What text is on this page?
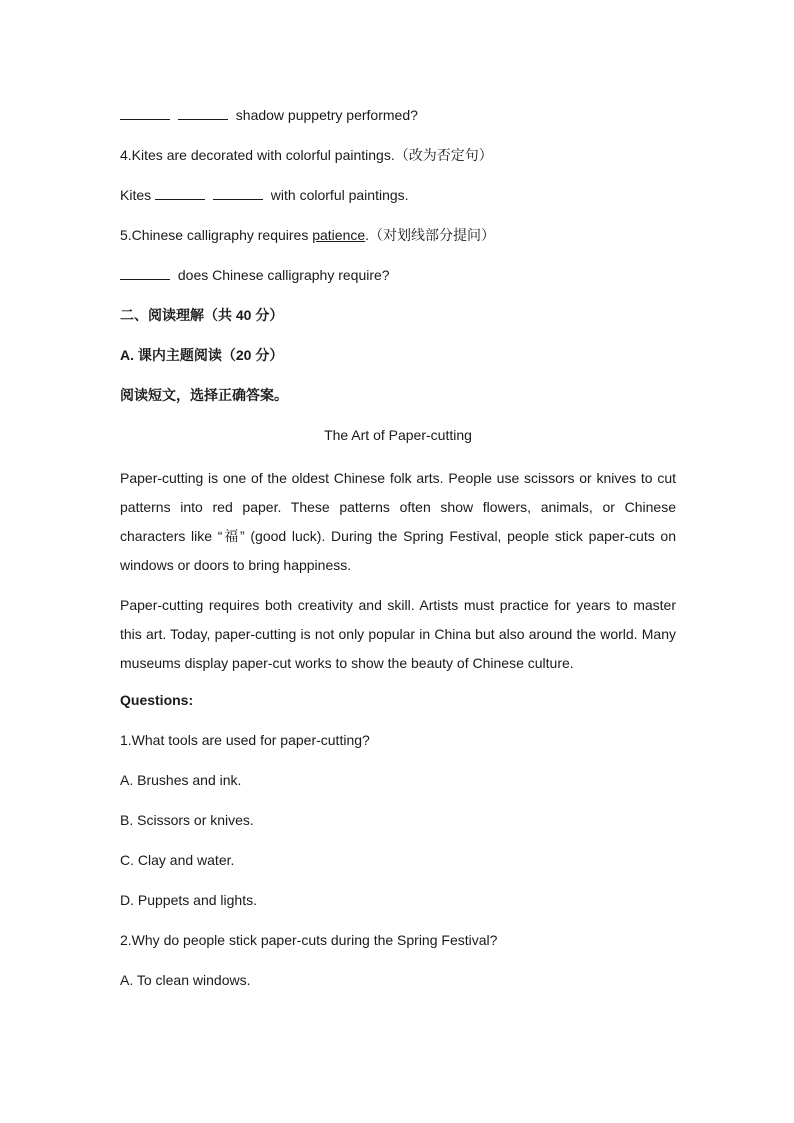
shadow puppetry performed?
4.Kites are decorated with colorful paintings.（改为否定句）
Kites	with colorful paintings.
5.Chinese calligraphy requires patience.（对划线部分提问）
does Chinese calligraphy require?
二、阅读理解（共 40 分）
A. 课内主题阅读（20 分）
阅读短文，选择正确答案。
The Art of Paper-cutting
Paper-cutting is one of the oldest Chinese folk arts. People use scissors or knives to cut patterns into red paper. These patterns often show flowers, animals, or Chinese characters like “福” (good luck). During the Spring Festival, people stick paper-cuts on windows or doors to bring happiness.
Paper-cutting requires both creativity and skill. Artists must practice for years to master this art. Today, paper-cutting is not only popular in China but also around the world. Many museums display paper-cut works to show the beauty of Chinese culture.
Questions:
1.What tools are used for paper-cutting?
A. Brushes and ink.
B. Scissors or knives.
C. Clay and water.
D. Puppets and lights.
2.Why do people stick paper-cuts during the Spring Festival?
A. To clean windows.
